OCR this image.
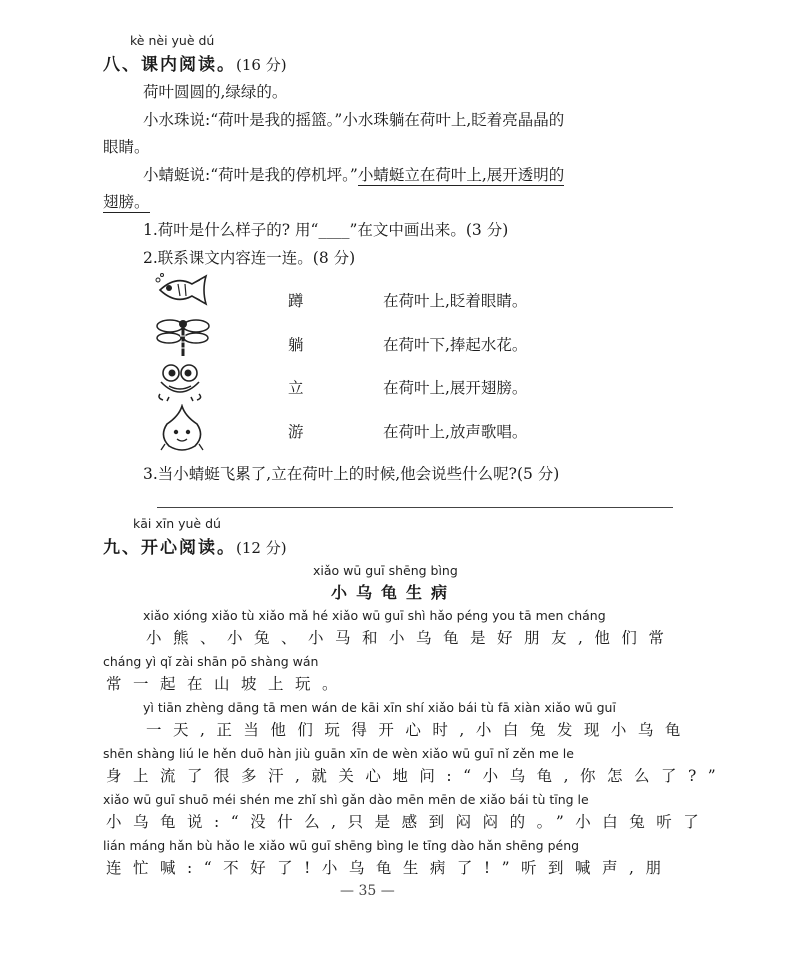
kè nèi yuè dú
八、课内阅读。(16 分)
荷叶圆圆的,绿绿的。
小水珠说:“荷叶是我的摇篮。”小水珠躺在荷叶上,眨着亮晶晶的
眼睛。
小蜻蜓说:“荷叶是我的停机坪。”小蜻蜓立在荷叶上,展开透明的
翅膀。
1.荷叶是什么样子的? 用“____”在文中画出来。(3 分)
2.联系课文内容连一连。(8 分)
蹲
躺
立
游
在荷叶上,眨着眼睛。
在荷叶下,捧起水花。
在荷叶上,展开翅膀。
在荷叶上,放声歌唱。
3.当小蜻蜓飞累了,立在荷叶上的时候,他会说些什么呢?(5 分)
kāi xīn yuè dú
九、开心阅读。(12 分)
xiǎo wū guī shēng bìng
小乌龟生病
xiǎo xióng xiǎo tù xiǎo mǎ hé xiǎo wū guī shì hǎo péng you tā men cháng
小熊、小兔、小马和小乌龟是好朋友,他们常
cháng yì qǐ zài shān pō shàng wán
常一起在山坡上玩。
yì tiān zhèng dāng tā men wán de kāi xīn shí xiǎo bái tù fā xiàn xiǎo wū guī
一天,正当他们玩得开心时,小白兔发现小乌龟
shēn shàng liú le hěn duō hàn jiù guān xīn de wèn xiǎo wū guī nǐ zěn me le
身上流了很多汗,就关心地问:“小乌龟,你怎么了?”
xiǎo wū guī shuō méi shén me zhǐ shì gǎn dào mēn mēn de xiǎo bái tù tīng le
小乌龟说:“没什么,只是感到闷闷的。”小白兔听了
lián máng hǎn bù hǎo le xiǎo wū guī shēng bìng le tīng dào hǎn shēng péng
连忙喊:“不好了!小乌龟生病了!”听到喊声,朋
— 35 —
